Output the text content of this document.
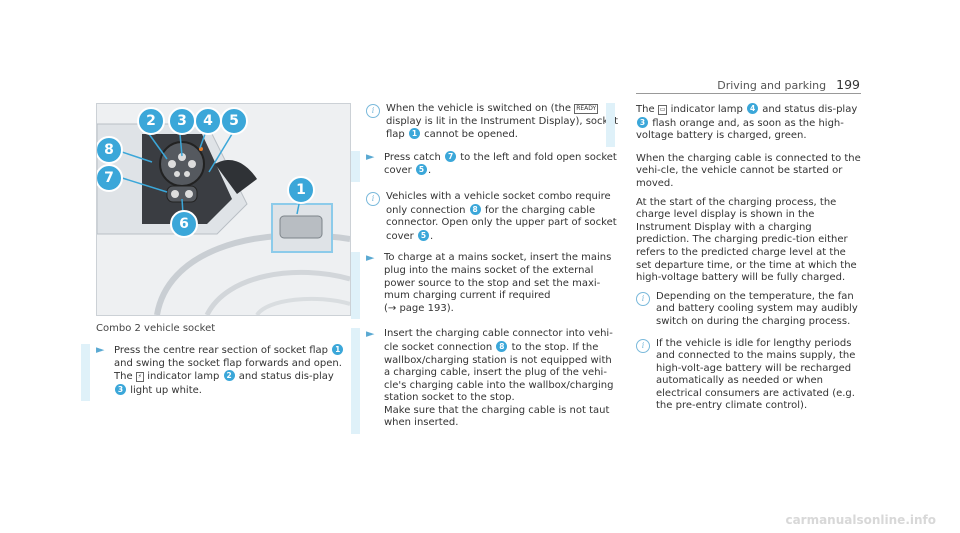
Driving and parking 199
2	3	4	5
8
7
6
1
Combo 2 vehicle socket
► Press the centre rear section of socket flap 1 and swing the socket flap forwards and open.
The ⚡ indicator lamp 2 and status dis-play 3 light up white.
i	When the vehicle is switched on (the READY display is lit in the Instrument Display), socket flap 1 cannot be opened.
► Press catch 7 to the left and fold open socket cover 5 .
i	Vehicles with a vehicle socket combo require only connection 8 for the charging cable connector. Open only the upper part of socket cover 5 .
► To charge at a mains socket, insert the mains plug into the mains socket of the external power source to the stop and set the maxi-mum charging current if required
(→ page 193).
► Insert the charging cable connector into vehi-cle socket connection 8 to the stop. If the wallbox/charging station is not equipped with a charging cable, insert the plug of the vehi-cle's charging cable into the wallbox/charging station socket to the stop.
Make sure that the charging cable is not taut when inserted.
The ▭ indicator lamp 4 and status dis-play 3 flash orange and, as soon as the high-voltage battery is charged, green.
When the charging cable is connected to the vehi-cle, the vehicle cannot be started or moved.
At the start of the charging process, the charge level display is shown in the Instrument Display with a charging prediction. The charging predic-tion either refers to the predicted charge level at the set departure time, or the time at which the high-voltage battery will be fully charged.
i	Depending on the temperature, the fan and battery cooling system may audibly switch on during the charging process.
i	If the vehicle is idle for lengthy periods and connected to the mains supply, the high-volt-age battery will be recharged automatically as needed or when electrical consumers are activated (e.g. the pre-entry climate control).
carmanualsonline.info
